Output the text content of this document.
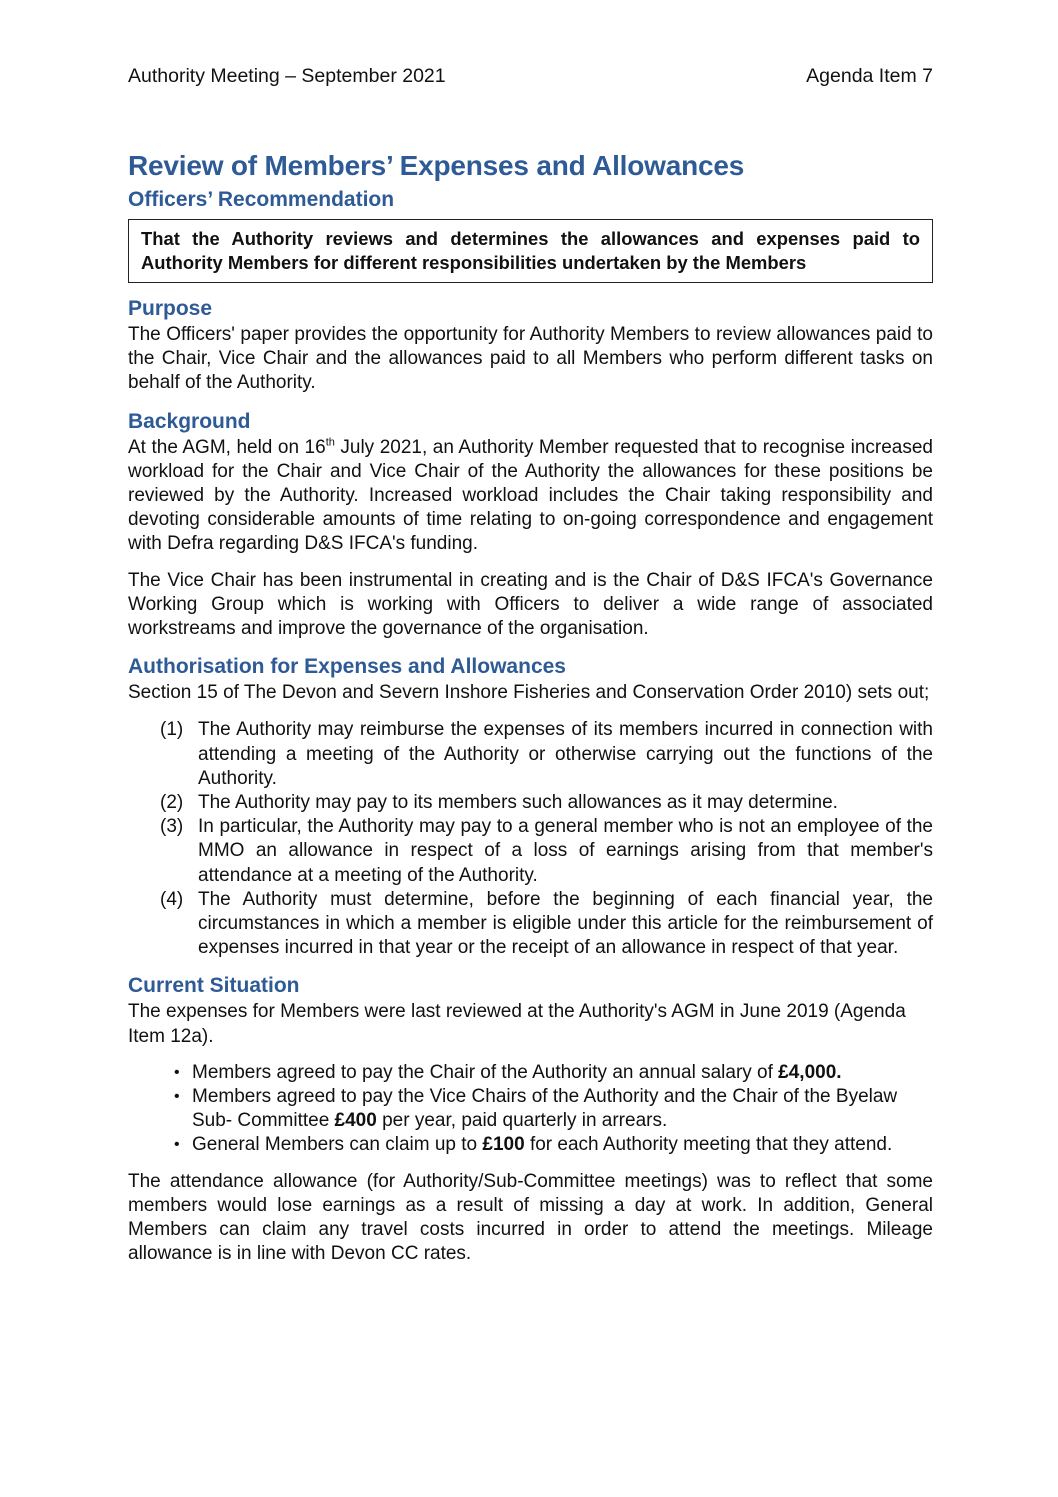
Authority Meeting – September 2021	Agenda Item 7
Review of Members’ Expenses and Allowances
Officers’ Recommendation
That the Authority reviews and determines the allowances and expenses paid to Authority Members for different responsibilities undertaken by the Members
Purpose

The Officers' paper provides the opportunity for Authority Members to review allowances paid to the Chair, Vice Chair and the allowances paid to all Members who perform different tasks on behalf of the Authority.

Background

At the AGM, held on 16th July 2021, an Authority Member requested that to recognise increased workload for the Chair and Vice Chair of the Authority the allowances for these positions be reviewed by the Authority. Increased workload includes the Chair taking responsibility and devoting considerable amounts of time relating to on-going correspondence and engagement with Defra regarding D&S IFCA's funding.

The Vice Chair has been instrumental in creating and is the Chair of D&S IFCA's Governance Working Group which is working with Officers to deliver a wide range of associated workstreams and improve the governance of the organisation.

Authorisation for Expenses and Allowances

Section 15 of The Devon and Severn Inshore Fisheries and Conservation Order 2010) sets out;

(1) The Authority may reimburse the expenses of its members incurred in connection with attending a meeting of the Authority or otherwise carrying out the functions of the Authority.
(2) The Authority may pay to its members such allowances as it may determine.
(3) In particular, the Authority may pay to a general member who is not an employee of the MMO an allowance in respect of a loss of earnings arising from that member's attendance at a meeting of the Authority.
(4) The Authority must determine, before the beginning of each financial year, the circumstances in which a member is eligible under this article for the reimbursement of expenses incurred in that year or the receipt of an allowance in respect of that year.
Current Situation

The expenses for Members were last reviewed at the Authority's AGM in June 2019 (Agenda Item 12a).

• Members agreed to pay the Chair of the Authority an annual salary of £4,000.
• Members agreed to pay the Vice Chairs of the Authority and the Chair of the Byelaw Sub- Committee £400 per year, paid quarterly in arrears.
• General Members can claim up to £100 for each Authority meeting that they attend.

The attendance allowance (for Authority/Sub-Committee meetings) was to reflect that some members would lose earnings as a result of missing a day at work. In addition, General Members can claim any travel costs incurred in order to attend the meetings. Mileage allowance is in line with Devon CC rates.
